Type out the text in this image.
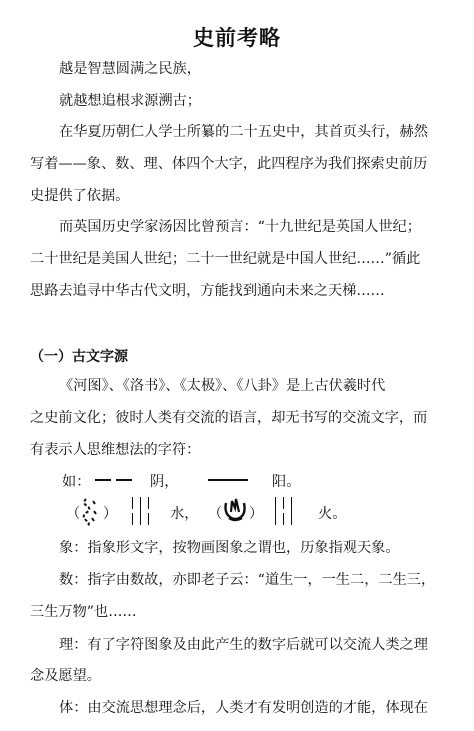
史前考略
越是智慧圆满之民族，
就越想追根求源溯古；
在华夏历朝仁人学士所纂的二十五史中，其首页头行，赫然
写着——象、数、理、体四个大字，此四程序为我们探索史前历
史提供了依据。
而英国历史学家汤因比曾预言：“十九世纪是英国人世纪；
二十世纪是美国人世纪；二十一世纪就是中国人世纪……”循此
思路去追寻中华古代文明，方能找到通向未来之天梯……
（一）古文字源
《河图》、《洛书》、《太极》、《八卦》是上古伏羲时代
之史前文化；彼时人类有交流的语言，却无书写的交流文字，而
有表示人思维想法的字符：
如：	阴，	阳。
（ ）	水， （ ）	火。
象：指象形文字，按物画图象之谓也，历象指观天象。
数：指字由数故，亦即老子云：“道生一，一生二，二生三，
三生万物”也……
理：有了字符图象及由此产生的数字后就可以交流人类之理
念及愿望。
体：由交流思想理念后，人类才有发明创造的才能，体现在
